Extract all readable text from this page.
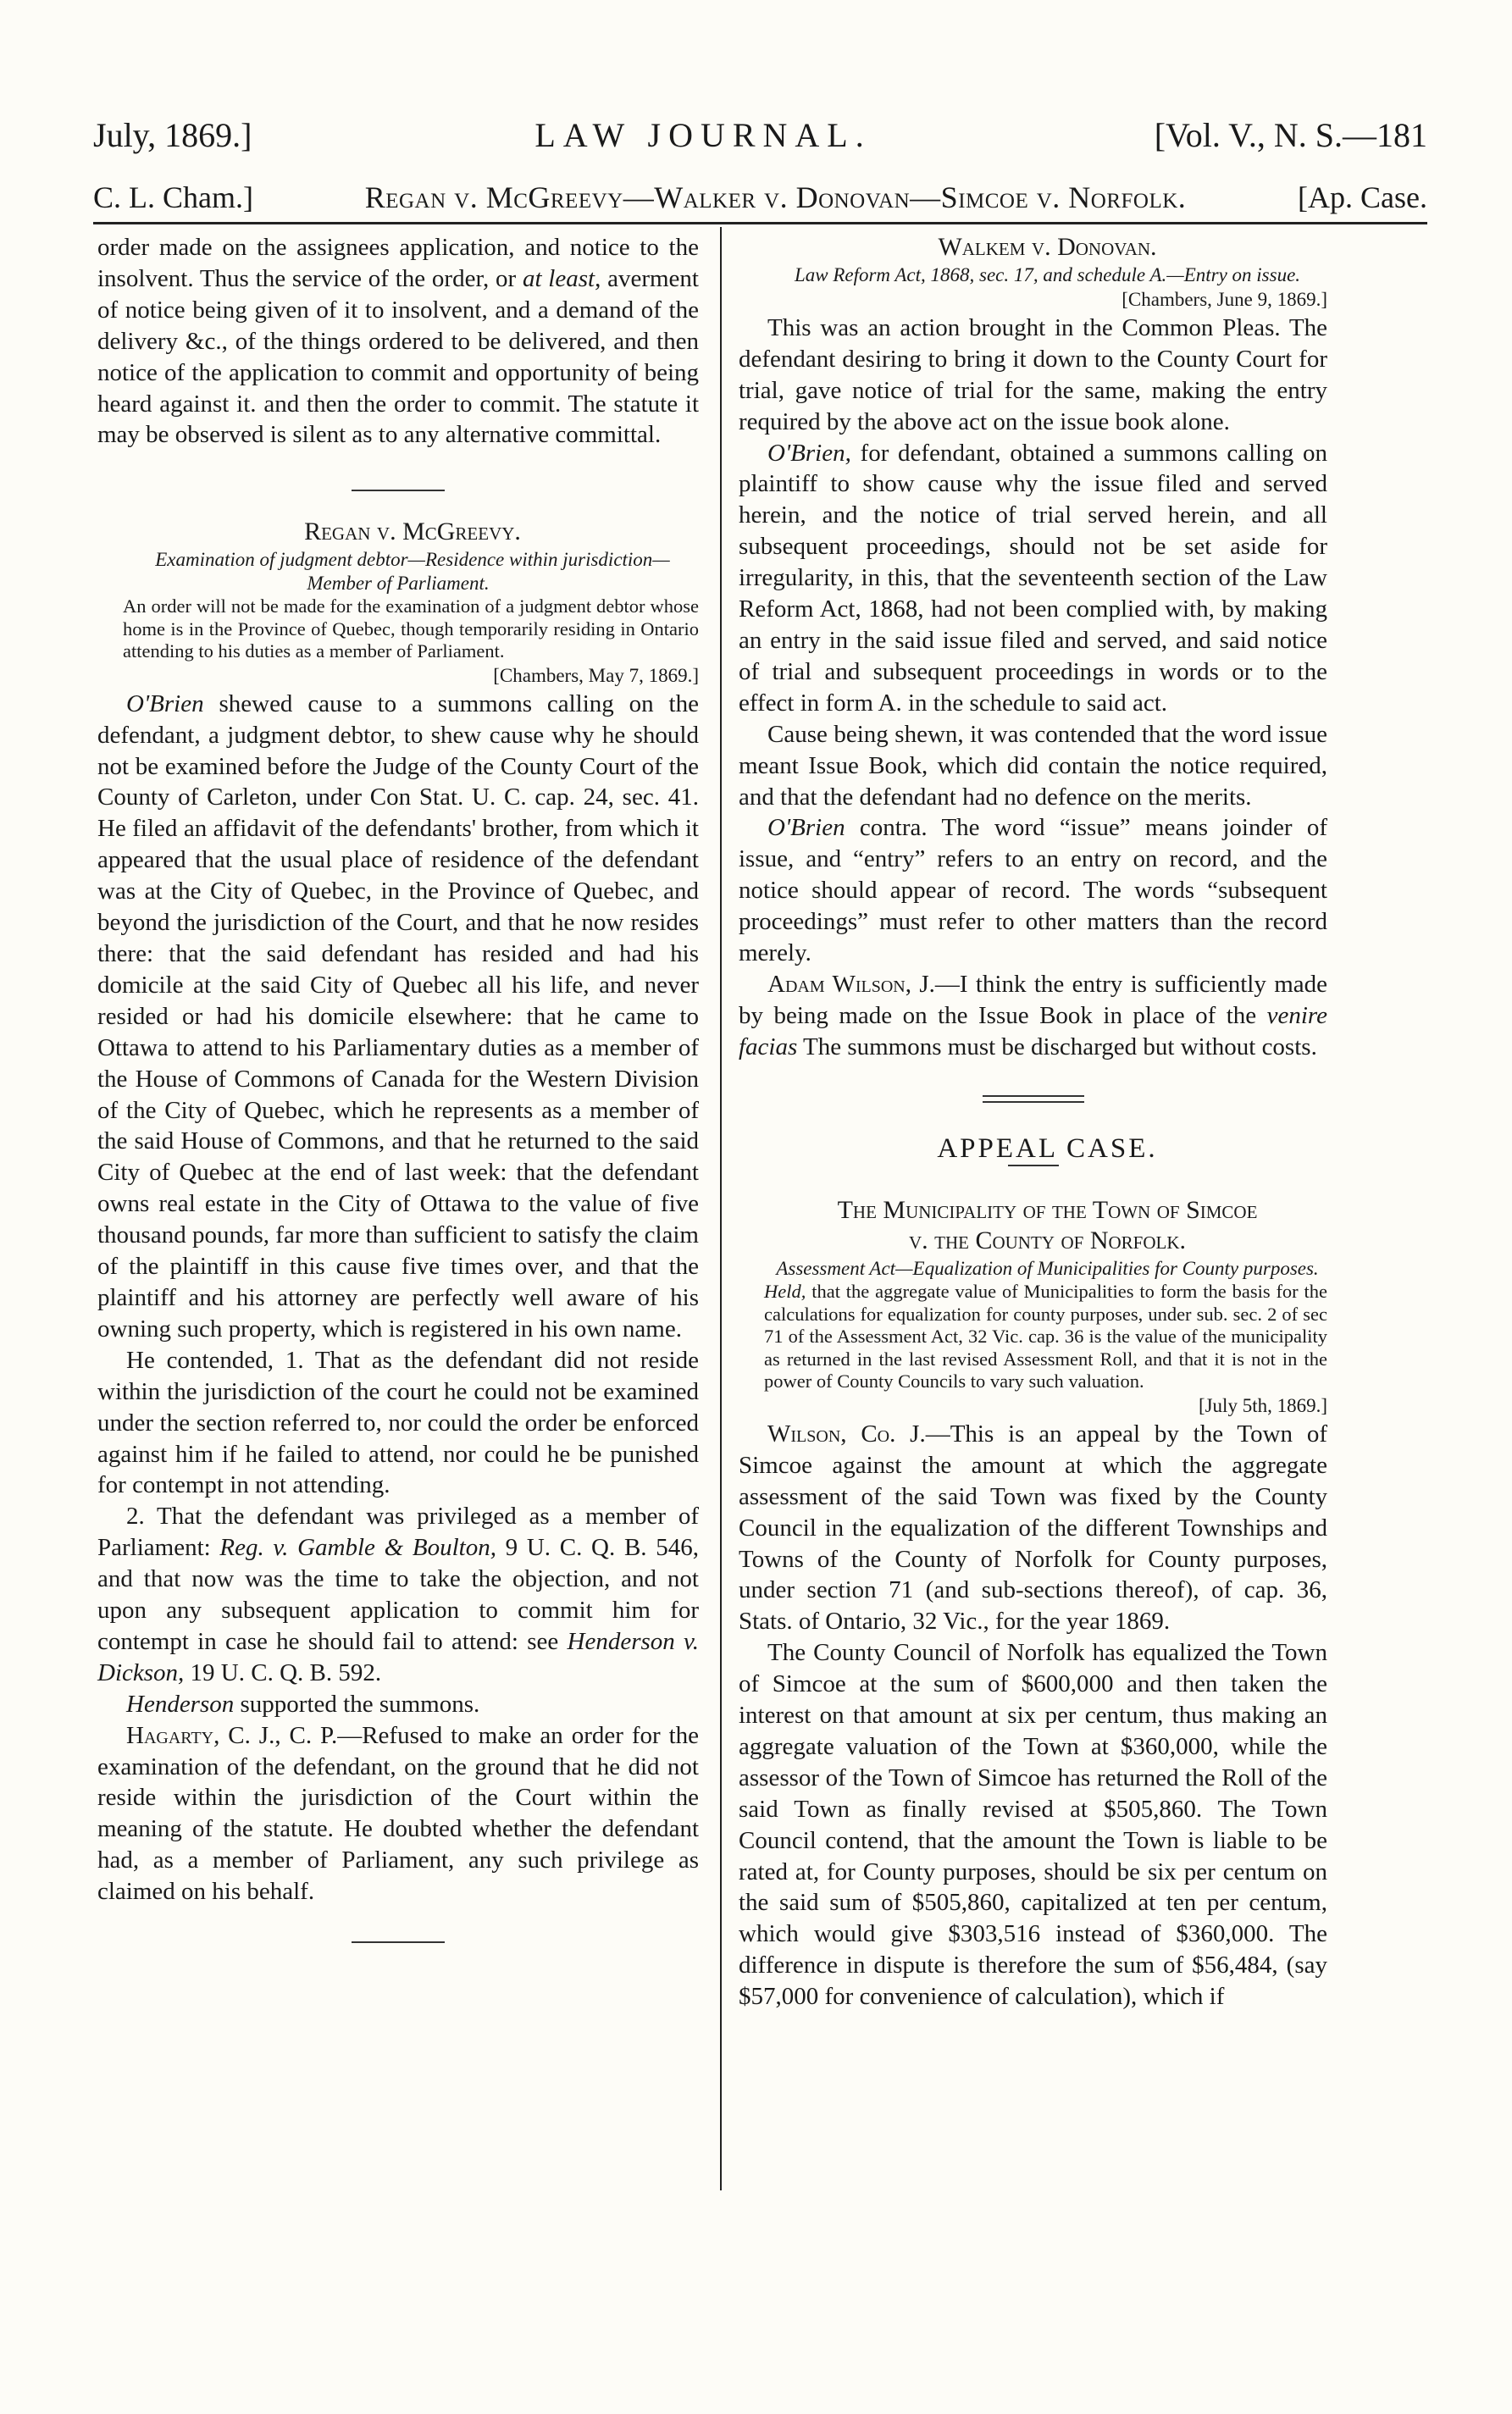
July, 1869.]	LAW JOURNAL.	[Vol. V., N. S.—181
C. L. Cham.]	Regan v. McGreevy—Walker v. Donovan—Simcoe v. Norfolk.	[Ap. Case.

order made on the assignees application, and notice to the insolvent. Thus the service of the order, or at least, averment of notice being given of it to insolvent, and a demand of the delivery &c., of the things ordered to be delivered, and then notice of the application to commit and opportunity of being heard against it. and then the order to commit. The statute it may be observed is silent as to any alternative committal.

Regan v. McGreevy.

Examination of judgment debtor—Residence within jurisdiction—Member of Parliament.

An order will not be made for the examination of a judgment debtor whose home is in the Province of Quebec, though temporarily residing in Ontario attending to his duties as a member of Parliament.

[Chambers, May 7, 1869.]

O'Brien shewed cause to a summons calling on the defendant, a judgment debtor, to shew cause why he should not be examined before the Judge of the County Court of the County of Carleton, under Con Stat. U. C. cap. 24, sec. 41. He filed an affidavit of the defendants' brother, from which it appeared that the usual place of residence of the defendant was at the City of Quebec, in the Province of Quebec, and beyond the jurisdiction of the Court, and that he now resides there: that the said defendant has resided and had his domicile at the said City of Quebec all his life, and never resided or had his domicile elsewhere: that he came to Ottawa to attend to his Parliamentary duties as a member of the House of Commons of Canada for the Western Division of the City of Quebec, which he represents as a member of the said House of Commons, and that he returned to the said City of Quebec at the end of last week: that the defendant owns real estate in the City of Ottawa to the value of five thousand pounds, far more than sufficient to satisfy the claim of the plaintiff in this cause five times over, and that the plaintiff and his attorney are perfectly well aware of his owning such property, which is registered in his own name.

He contended, 1. That as the defendant did not reside within the jurisdiction of the court he could not be examined under the section referred to, nor could the order be enforced against him if he failed to attend, nor could he be punished for contempt in not attending.

2. That the defendant was privileged as a member of Parliament: Reg. v. Gamble & Boulton, 9 U. C. Q. B. 546, and that now was the time to take the objection, and not upon any subsequent application to commit him for contempt in case he should fail to attend: see Henderson v. Dickson, 19 U. C. Q. B. 592.

Henderson supported the summons.

Hagarty, C. J., C. P.—Refused to make an order for the examination of the defendant, on the ground that he did not reside within the jurisdiction of the Court within the meaning of the statute. He doubted whether the defendant had, as a member of Parliament, any such privilege as claimed on his behalf.

Walkem v. Donovan.

Law Reform Act, 1868, sec. 17, and schedule A.—Entry on issue.

[Chambers, June 9, 1869.]

This was an action brought in the Common Pleas. The defendant desiring to bring it down to the County Court for trial, gave notice of trial for the same, making the entry required by the above act on the issue book alone.

O'Brien, for defendant, obtained a summons calling on plaintiff to show cause why the issue filed and served herein, and the notice of trial served herein, and all subsequent proceedings, should not be set aside for irregularity, in this, that the seventeenth section of the Law Reform Act, 1868, had not been complied with, by making an entry in the said issue filed and served, and said notice of trial and subsequent proceedings in words or to the effect in form A. in the schedule to said act.

Cause being shewn, it was contended that the word issue meant Issue Book, which did contain the notice required, and that the defendant had no defence on the merits.

O'Brien contra. The word “issue” means joinder of issue, and “entry” refers to an entry on record, and the notice should appear of record. The words “subsequent proceedings” must refer to other matters than the record merely.

Adam Wilson, J.—I think the entry is sufficiently made by being made on the Issue Book in place of the venire facias The summons must be discharged but without costs.

APPEAL CASE.

The Municipality of the Town of Simcoe

v. the County of Norfolk.

Assessment Act—Equalization of Municipalities for County purposes.

Held, that the aggregate value of Municipalities to form the basis for the calculations for equalization for county purposes, under sub. sec. 2 of sec 71 of the Assessment Act, 32 Vic. cap. 36 is the value of the municipality as returned in the last revised Assessment Roll, and that it is not in the power of County Councils to vary such valuation.

[July 5th, 1869.]

Wilson, Co. J.—This is an appeal by the Town of Simcoe against the amount at which the aggregate assessment of the said Town was fixed by the County Council in the equalization of the different Townships and Towns of the County of Norfolk for County purposes, under section 71 (and sub-sections thereof), of cap. 36, Stats. of Ontario, 32 Vic., for the year 1869.

The County Council of Norfolk has equalized the Town of Simcoe at the sum of $600,000 and then taken the interest on that amount at six per centum, thus making an aggregate valuation of the Town at $360,000, while the assessor of the Town of Simcoe has returned the Roll of the said Town as finally revised at $505,860. The Town Council contend, that the amount the Town is liable to be rated at, for County purposes, should be six per centum on the said sum of $505,860, capitalized at ten per centum, which would give $303,516 instead of $360,000. The difference in dispute is therefore the sum of $56,484, (say $57,000 for convenience of calculation), which if
